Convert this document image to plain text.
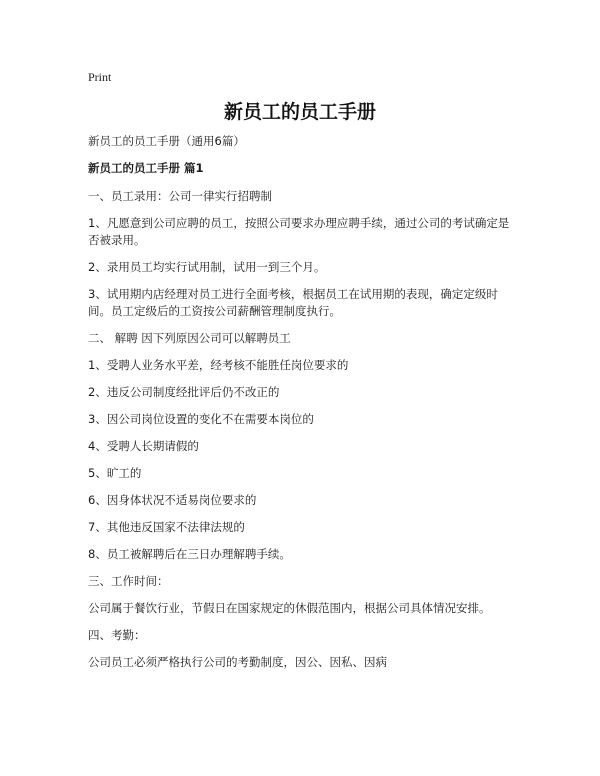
Print
新员工的员工手册

新员工的员工手册（通用6篇）

新员工的员工手册 篇1

一、员工录用：公司一律实行招聘制

1、凡愿意到公司应聘的员工，按照公司要求办理应聘手续，通过公司的考试确定是否被录用。

2、录用员工均实行试用制，试用一到三个月。

3、试用期内店经理对员工进行全面考核，根据员工在试用期的表现，确定定级时间。员工定级后的工资按公司薪酬管理制度执行。

二、 解聘 因下列原因公司可以解聘员工

1、受聘人业务水平差，经考核不能胜任岗位要求的

2、违反公司制度经批评后仍不改正的

3、因公司岗位设置的变化不在需要本岗位的

4、受聘人长期请假的

5、旷工的

6、因身体状况不适易岗位要求的

7、其他违反国家不法律法规的

8、员工被解聘后在三日办理解聘手续。

三、工作时间：

公司属于餐饮行业，节假日在国家规定的休假范围内，根据公司具体情况安排。

四、考勤：

公司员工必须严格执行公司的考勤制度，因公、因私、因病
